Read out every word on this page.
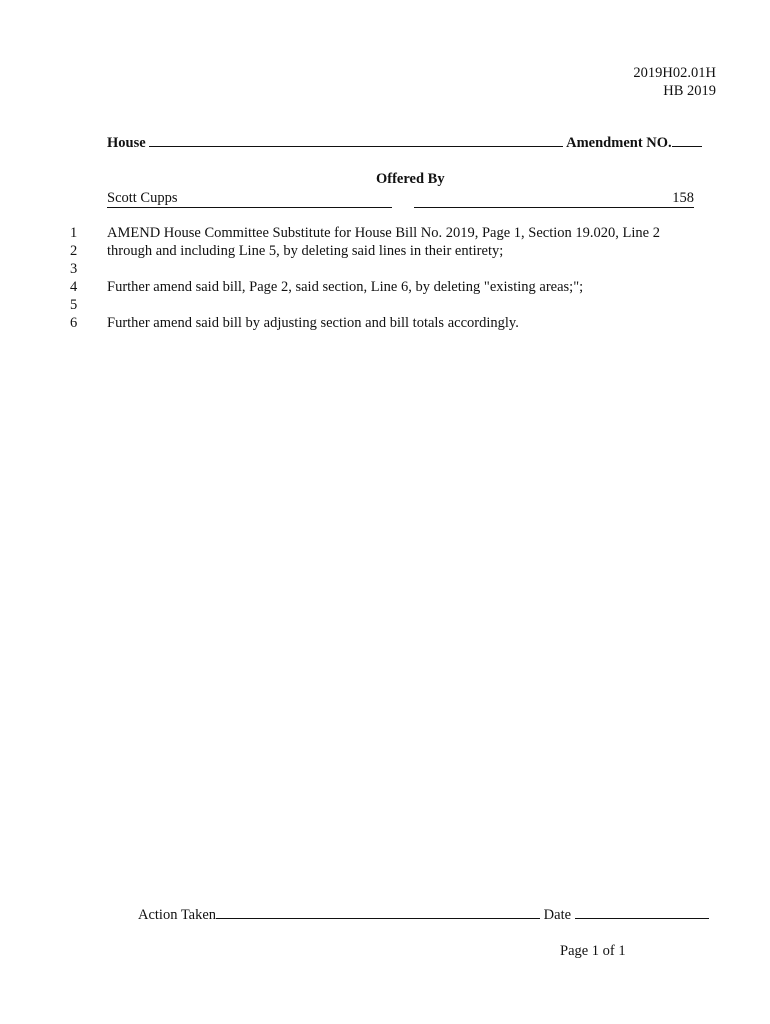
2019H02.01H
HB 2019
House	Amendment NO.
Offered By
Scott Cupps	158
1	AMEND House Committee Substitute for House Bill No. 2019, Page 1, Section 19.020, Line 2
2	through and including Line 5, by deleting said lines in their entirety;
3
4	Further amend said bill, Page 2, said section, Line 6, by deleting "existing areas;";
5
6	Further amend said bill by adjusting section and bill totals accordingly.
Action Taken	Date
Page 1 of 1
